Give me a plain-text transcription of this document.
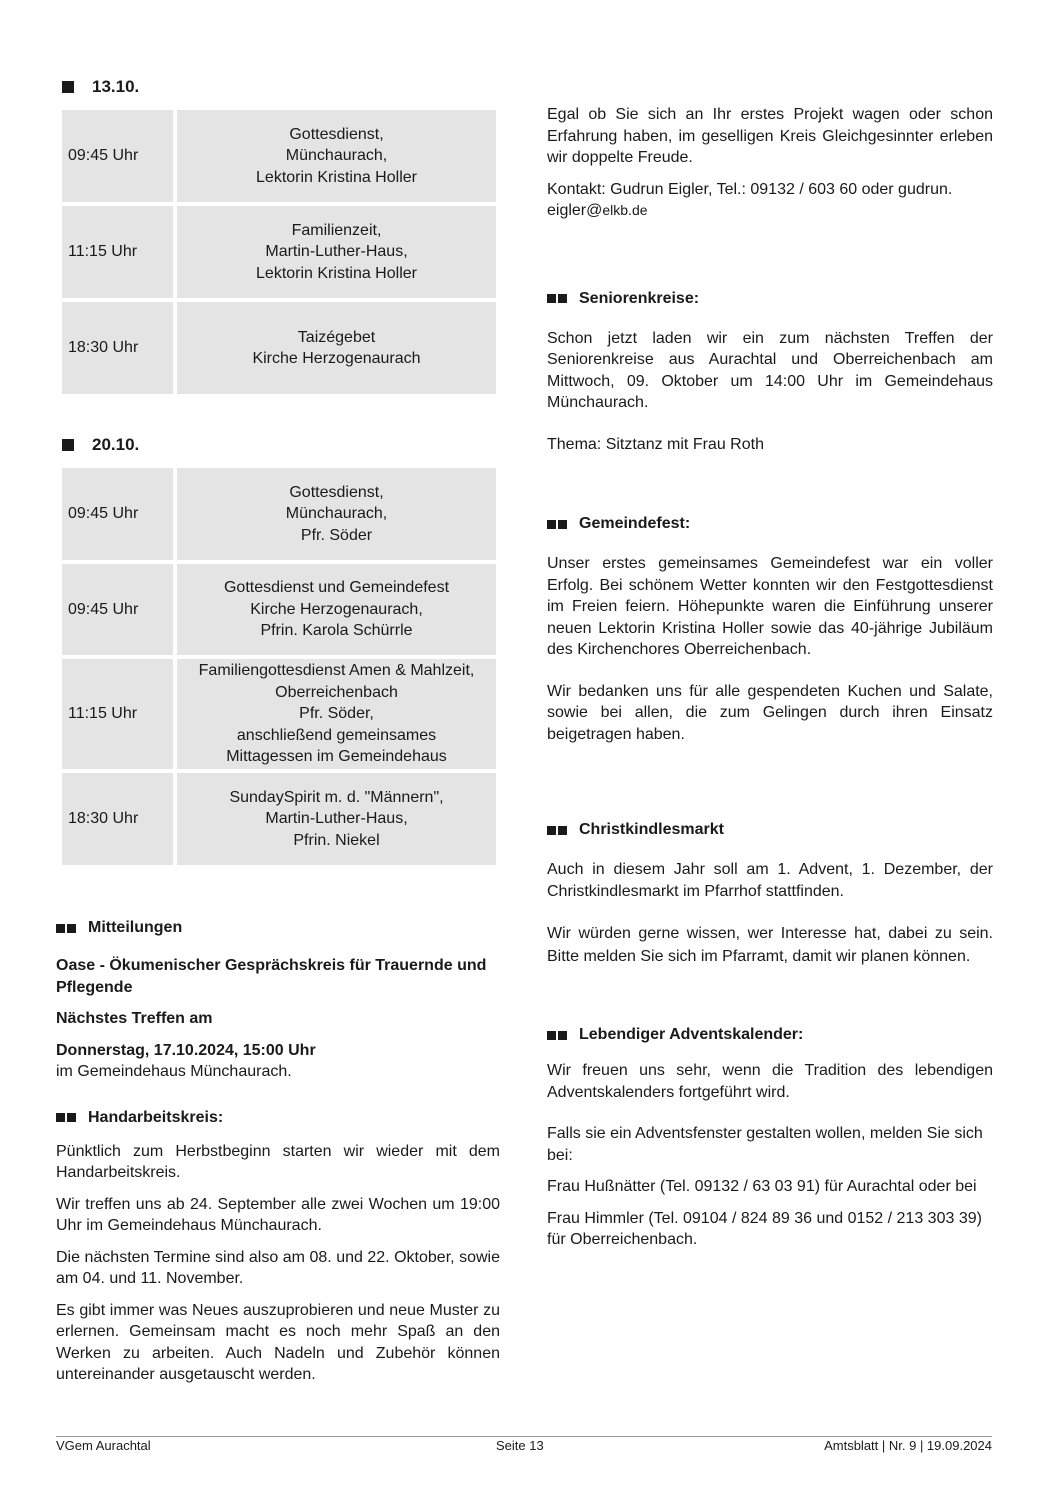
13.10.
09:45 Uhr	Gottesdienst,
Münchaurach,
Lektorin Kristina Holler

11:15 Uhr	Familienzeit,
Martin-Luther-Haus,
Lektorin Kristina Holler

18:30 Uhr	Taizégebet
Kirche Herzogenaurach
20.10.
09:45 Uhr	Gottesdienst,
Münchaurach,
Pfr. Söder

09:45 Uhr	Gottesdienst und Gemeindefest
Kirche Herzogenaurach,
Pfrin. Karola Schürrle

11:15 Uhr	Familiengottesdienst Amen & Mahlzeit,
Oberreichenbach
Pfr. Söder,
anschließend gemeinsames
Mittagessen im Gemeindehaus

18:30 Uhr	SundaySpirit m. d. "Männern",
Martin-Luther-Haus,
Pfrin. Niekel
Mitteilungen

Oase - Ökumenischer Gesprächskreis für Trauernde und Pflegende

Nächstes Treffen am

Donnerstag, 17.10.2024, 15:00 Uhr

im Gemeindehaus Münchaurach.

Handarbeitskreis:

Pünktlich zum Herbstbeginn starten wir wieder mit dem Handarbeitskreis.

Wir treffen uns ab 24. September alle zwei Wochen um 19:00 Uhr im Gemeindehaus Münchaurach.

Die nächsten Termine sind also am 08. und 22. Oktober, sowie am 04. und 11. November.

Es gibt immer was Neues auszuprobieren und neue Muster zu erlernen. Gemeinsam macht es noch mehr Spaß an den Werken zu arbeiten. Auch Nadeln und Zubehör können untereinander ausgetauscht werden.

Egal ob Sie sich an Ihr erstes Projekt wagen oder schon Erfahrung haben, im geselligen Kreis Gleichgesinnter erleben wir doppelte Freude.

Kontakt: Gudrun Eigler, Tel.: 09132 / 603 60 oder gudrun. eigler@elkb.de

Seniorenkreise:

Schon jetzt laden wir ein zum nächsten Treffen der Seniorenkreise aus Aurachtal und Oberreichenbach am Mittwoch, 09. Oktober um 14:00 Uhr im Gemeindehaus Münchaurach.

Thema: Sitztanz mit Frau Roth

Gemeindefest:

Unser erstes gemeinsames Gemeindefest war ein voller Erfolg. Bei schönem Wetter konnten wir den Festgottesdienst im Freien feiern. Höhepunkte waren die Einführung unserer neuen Lektorin Kristina Holler sowie das 40-jährige Jubiläum des Kirchenchores Oberreichenbach.

Wir bedanken uns für alle gespendeten Kuchen und Salate, sowie bei allen, die zum Gelingen durch ihren Einsatz beigetragen haben.

Christkindlesmarkt

Auch in diesem Jahr soll am 1. Advent, 1. Dezember, der Christkindlesmarkt im Pfarrhof stattfinden.

Wir würden gerne wissen, wer Interesse hat, dabei zu sein. Bitte melden Sie sich im Pfarramt, damit wir planen können.

Lebendiger Adventskalender:

Wir freuen uns sehr, wenn die Tradition des lebendigen Adventskalenders fortgeführt wird.

Falls sie ein Adventsfenster gestalten wollen, melden Sie sich bei:

Frau Hußnätter (Tel. 09132 / 63 03 91) für Aurachtal oder bei

Frau Himmler (Tel. 09104 / 824 89 36 und 0152 / 213 303 39) für Oberreichenbach.

VGem Aurachtal	Seite 13	Amtsblatt | Nr. 9 | 19.09.2024
